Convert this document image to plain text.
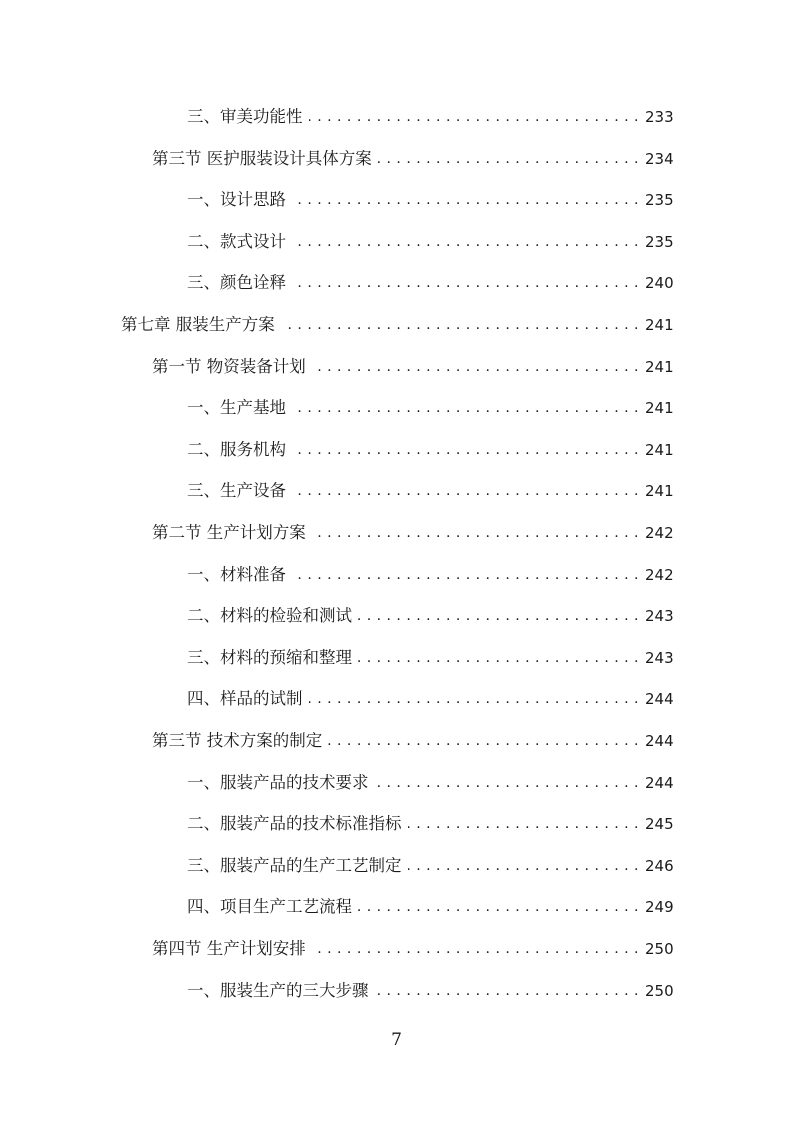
三、审美功能性 . . .	233
第三节 医护服装设计具体方案 . . .	234
一、设计思路 . . .	235
二、款式设计 . . .	235
三、颜色诠释 . . .	240
第七章 服装生产方案 . . .	241
第一节 物资装备计划 . . .	241
一、生产基地 . . .	241
二、服务机构 . . .	241
三、生产设备 . . .	241
第二节 生产计划方案 . . .	242
一、材料准备 . . .	242
二、材料的检验和测试 . . .	243
三、材料的预缩和整理 . . .	243
四、样品的试制 . . .	244
第三节 技术方案的制定 . . .	244
一、服装产品的技术要求 . . .	244
二、服装产品的技术标准指标 . . .	245
三、服装产品的生产工艺制定 . . .	246
四、项目生产工艺流程 . . .	249
第四节 生产计划安排 . . .	250
一、服装生产的三大步骤 . . .	250
7
